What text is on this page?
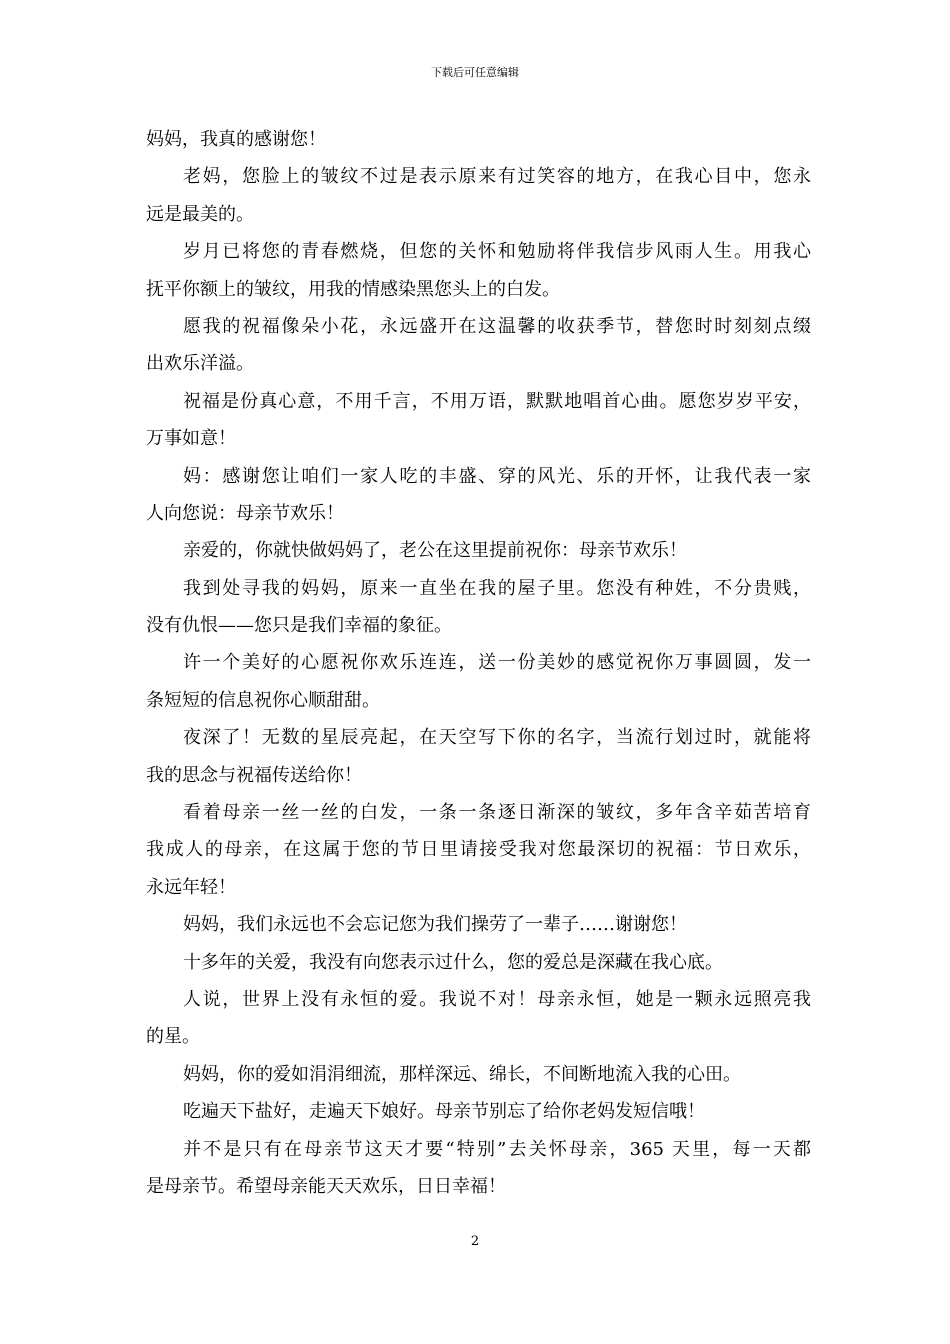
下载后可任意编辑
妈妈，我真的感谢您！
老妈，您脸上的皱纹不过是表示原来有过笑容的地方，在我心目中，您永
远是最美的。
岁月已将您的青春燃烧，但您的关怀和勉励将伴我信步风雨人生。用我心
抚平你额上的皱纹，用我的情感染黑您头上的白发。
愿我的祝福像朵小花，永远盛开在这温馨的收获季节，替您时时刻刻点缀
出欢乐洋溢。
祝福是份真心意，不用千言，不用万语，默默地唱首心曲。愿您岁岁平安，
万事如意！
妈：感谢您让咱们一家人吃的丰盛、穿的风光、乐的开怀，让我代表一家
人向您说：母亲节欢乐！
亲爱的，你就快做妈妈了，老公在这里提前祝你：母亲节欢乐！
我到处寻我的妈妈，原来一直坐在我的屋子里。您没有种姓，不分贵贱，
没有仇恨——您只是我们幸福的象征。
许一个美好的心愿祝你欢乐连连，送一份美妙的感觉祝你万事圆圆，发一
条短短的信息祝你心顺甜甜。
夜深了！无数的星辰亮起，在天空写下你的名字，当流行划过时，就能将
我的思念与祝福传送给你！
看着母亲一丝一丝的白发，一条一条逐日渐深的皱纹，多年含辛茹苦培育
我成人的母亲，在这属于您的节日里请接受我对您最深切的祝福：节日欢乐，
永远年轻！
妈妈，我们永远也不会忘记您为我们操劳了一辈子……谢谢您！
十多年的关爱，我没有向您表示过什么，您的爱总是深藏在我心底。
人说，世界上没有永恒的爱。我说不对！母亲永恒，她是一颗永远照亮我
的星。
妈妈，你的爱如涓涓细流，那样深远、绵长，不间断地流入我的心田。
吃遍天下盐好，走遍天下娘好。母亲节别忘了给你老妈发短信哦！
并不是只有在母亲节这天才要“特别”去关怀母亲，365 天里，每一天都
是母亲节。希望母亲能天天欢乐，日日幸福！
2
